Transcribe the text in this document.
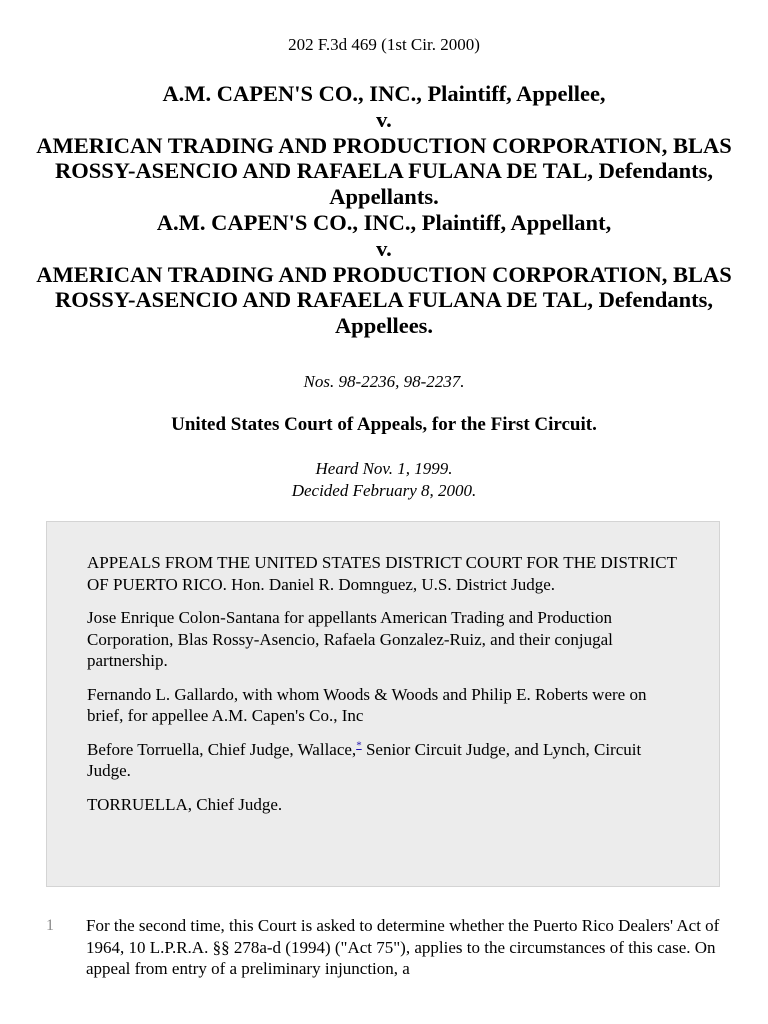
202 F.3d 469 (1st Cir. 2000)
A.M. CAPEN'S CO., INC., Plaintiff, Appellee,
v.
AMERICAN TRADING AND PRODUCTION CORPORATION, BLAS ROSSY-ASENCIO AND RAFAELA FULANA DE TAL, Defendants, Appellants.
A.M. CAPEN'S CO., INC., Plaintiff, Appellant,
v.
AMERICAN TRADING AND PRODUCTION CORPORATION, BLAS ROSSY-ASENCIO AND RAFAELA FULANA DE TAL, Defendants, Appellees.
Nos. 98-2236, 98-2237.
United States Court of Appeals, for the First Circuit.
Heard Nov. 1, 1999.
Decided February 8, 2000.

APPEALS FROM THE UNITED STATES DISTRICT COURT FOR THE DISTRICT OF PUERTO RICO. Hon. Daniel R. Domnguez, U.S. District Judge.

Jose Enrique Colon-Santana for appellants American Trading and Production Corporation, Blas Rossy-Asencio, Rafaela Gonzalez-Ruiz, and their conjugal partnership.

Fernando L. Gallardo, with whom Woods & Woods and Philip E. Roberts were on brief, for appellee A.M. Capen's Co., Inc

Before Torruella, Chief Judge, Wallace,* Senior Circuit Judge, and Lynch, Circuit Judge.

TORRUELLA, Chief Judge.

1 For the second time, this Court is asked to determine whether the Puerto Rico Dealers' Act of 1964, 10 L.P.R.A. §§ 278a-d (1994) ("Act 75"), applies to the circumstances of this case. On appeal from entry of a preliminary injunction, a
